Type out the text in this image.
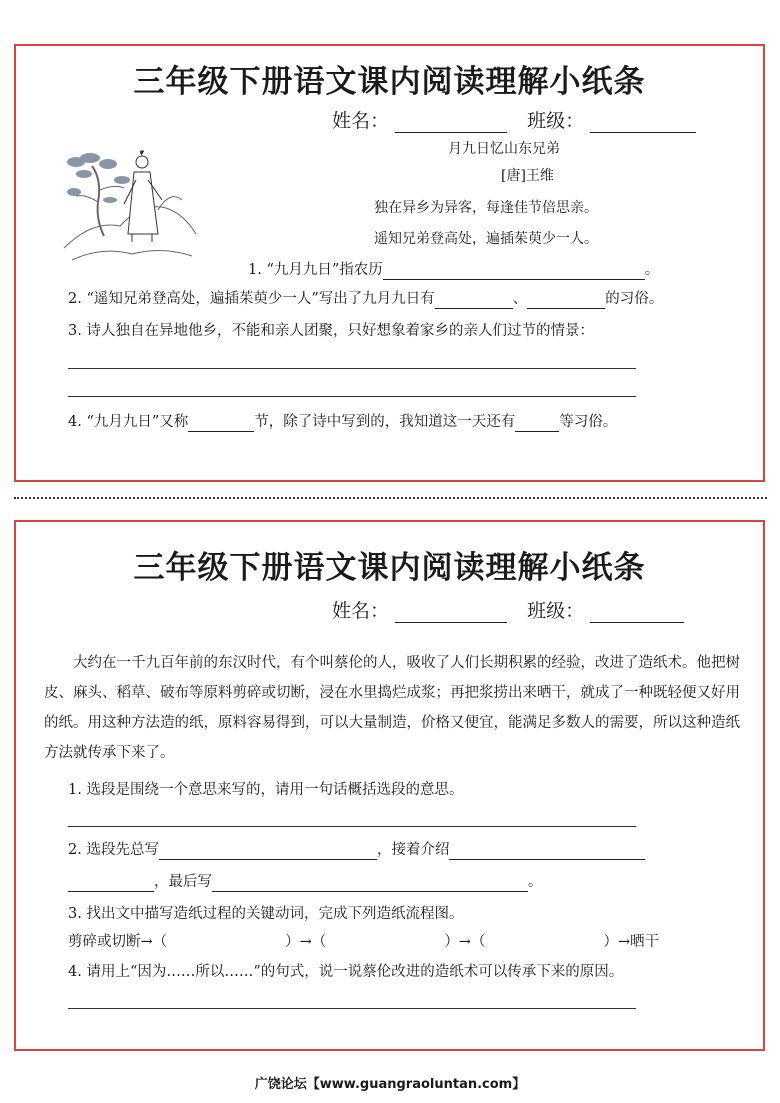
三年级下册语文课内阅读理解小纸条
姓名：	班级：
月九日忆山东兄弟
[唐]王维
独在异乡为异客，每逢佳节倍思亲。
遥知兄弟登高处，遍插茱萸少一人。
1. “九月九日”指农历	。
2. “遥知兄弟登高处，遍插茱萸少一人”写出了九月九日有	、	的习俗。
3. 诗人独自在异地他乡，不能和亲人团聚，只好想象着家乡的亲人们过节的情景：
4. “九月九日”又称	节，除了诗中写到的，我知道这一天还有	等习俗。
三年级下册语文课内阅读理解小纸条
姓名：	班级：
大约在一千九百年前的东汉时代，有个叫蔡伦的人，吸收了人们长期积累的经验，改进了造纸术。他把树皮、麻头、稻草、破布等原料剪碎或切断，浸在水里捣烂成浆；再把浆捞出来晒干，就成了一种既轻便又好用的纸。用这种方法造的纸，原料容易得到，可以大量制造，价格又便宜，能满足多数人的需要，所以这种造纸方法就传承下来了。
1. 选段是围绕一个意思来写的，请用一句话概括选段的意思。
2. 选段先总写	，接着介绍
，最后写	。
3. 找出文中描写造纸过程的关键动词，完成下列造纸流程图。
剪碎或切断→（	）→（	）→（	）→晒干
4. 请用上“因为……所以……”的句式，说一说蔡伦改进的造纸术可以传承下来的原因。
广饶论坛【www.guangraoluntan.com】
